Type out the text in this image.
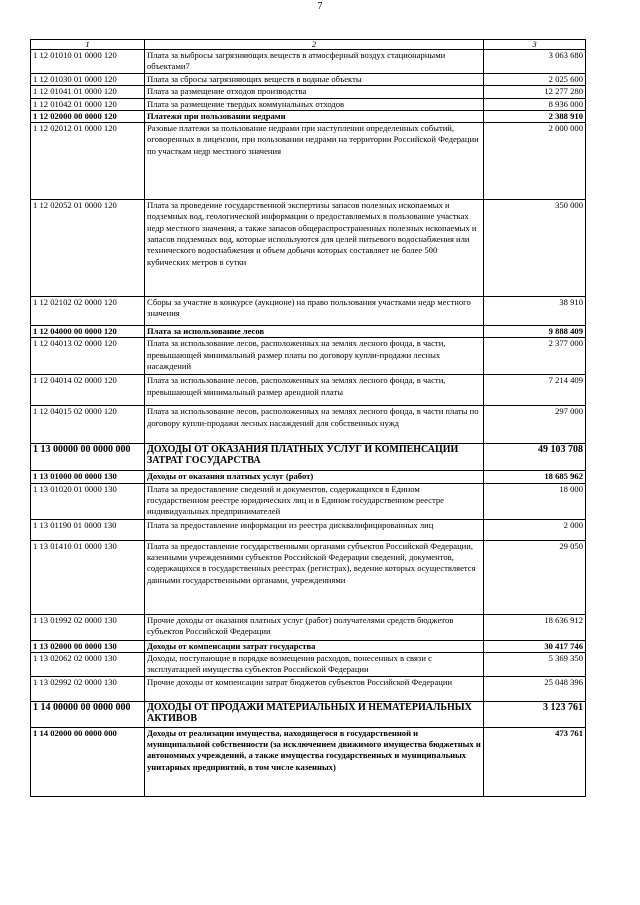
7
1	2	3
1 12 01010 01 0000 120	Плата за выбросы загрязняющих веществ в атмосферный воздух стационарными объектами7	3 063 680
1 12 01030 01 0000 120	Плата за сбросы загрязняющих веществ в водные объекты	2 025 600
1 12 01041 01 0000 120	Плата за размещение отходов производства	12 277 280
1 12 01042 01 0000 120	Плата за размещение твердых коммунальных отходов	8 936 000
1 12 02000 00 0000 120	Платежи при пользовании недрами	2 388 910
1 12 02012 01 0000 120	Разовые платежи за пользование недрами при наступлении определенных событий, оговоренных в лицензии, при пользовании недрами на территории Российской Федерации по участкам недр местного значения	2 000 000
1 12 02052 01 0000 120	Плата за проведение государственной экспертизы запасов полезных ископаемых и подземных вод, геологической информации о предоставляемых в пользование участках недр местного значения, а также запасов общераспространенных полезных ископаемых и запасов подземных вод, которые используются для целей питьевого водоснабжения или технического водоснабжения и объем добычи которых составляет не более 500 кубических метров в сутки	350 000
1 12 02102 02 0000 120	Сборы за участие в конкурсе (аукционе) на право пользования участками недр местного значения	38 910
1 12 04000 00 0000 120	Плата за использование лесов	9 888 409
1 12 04013 02 0000 120	Плата за использование лесов, расположенных на землях лесного фонда, в части, превышающей минимальный размер платы по договору купли-продажи лесных насаждений	2 377 000
1 12 04014 02 0000 120	Плата за использование лесов, расположенных на землях лесного фонда, в части, превышающей минимальный размер арендной платы	7 214 409
1 12 04015 02 0000 120	Плата за использование лесов, расположенных на землях лесного фонда, в части платы по договору купли-продажи лесных насаждений для собственных нужд	297 000
1 13 00000 00 0000 000	ДОХОДЫ ОТ ОКАЗАНИЯ ПЛАТНЫХ УСЛУГ И КОМПЕНСАЦИИ ЗАТРАТ ГОСУДАРСТВА	49 103 708
1 13 01000 00 0000 130	Доходы от оказания платных услуг (работ)	18 685 962
1 13 01020 01 0000 130	Плата за предоставление сведений и документов, содержащихся в Едином государственном реестре юридических лиц и в Едином государственном реестре индивидуальных предпринимателей	18 000
1 13 01190 01 0000 130	Плата за предоставление информации из реестра дисквалифицированных лиц	2 000
1 13 01410 01 0000 130	Плата за предоставление государственными органами субъектов Российской Федерации, казенными учреждениями субъектов Российской Федерации сведений, документов, содержащихся в государственных реестрах (регистрах), ведение которых осуществляется данными государственными органами, учреждениями	29 050
1 13 01992 02 0000 130	Прочие доходы от оказания платных услуг (работ) получателями средств бюджетов субъектов Российской Федерации	18 636 912
1 13 02000 00 0000 130	Доходы от компенсации затрат государства	30 417 746
1 13 02062 02 0000 130	Доходы, поступающие в порядке возмещения расходов, понесенных в связи с эксплуатацией имущества субъектов Российской Федерации	5 369 350
1 13 02992 02 0000 130	Прочие доходы от компенсации затрат бюджетов субъектов Российской Федерации	25 048 396
1 14 00000 00 0000 000	ДОХОДЫ ОТ ПРОДАЖИ МАТЕРИАЛЬНЫХ И НЕМАТЕРИАЛЬНЫХ АКТИВОВ	3 123 761
1 14 02000 00 0000 000	Доходы от реализации имущества, находящегося в государственной и муниципальной собственности (за исключением движимого имущества бюджетных и автономных учреждений, а также имущества государственных и муниципальных унитарных предприятий, в том числе казенных)	473 761
